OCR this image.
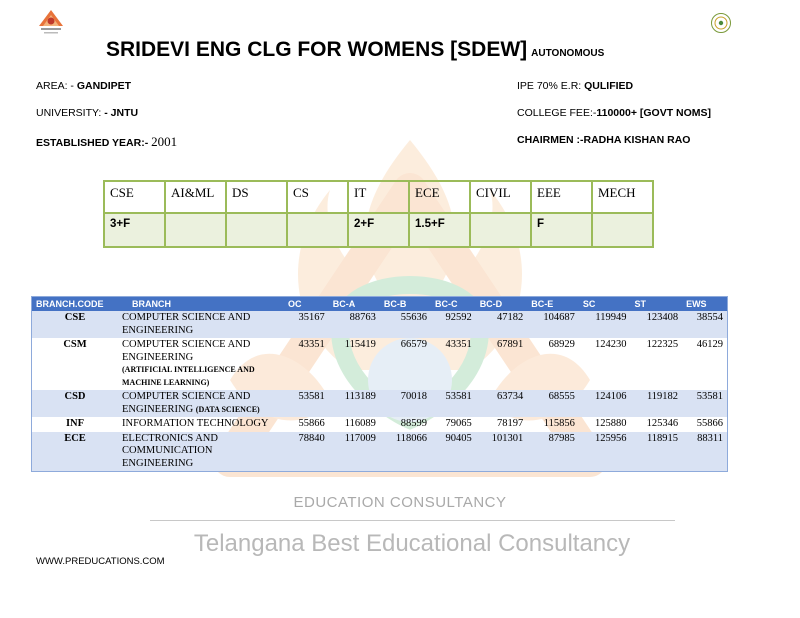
EDUCATION CONSULTANCY
Telangana Best Educational Consultancy
SRIDEVI ENG CLG FOR WOMENS [SDEW] AUTONOMOUS
AREA: - GANDIPET
UNIVERSITY: - JNTU
ESTABLISHED YEAR:- 2001
IPE 70% E.R: QULIFIED
COLLEGE FEE:-110000+ [GOVT NOMS]
CHAIRMEN :-RADHA KISHAN RAO
CSE	AI&ML	DS	CS	IT	ECE	CIVIL	EEE	MECH
3+F				2+F	1.5+F		F	
BRANCH.CODE	BRANCH	OC	BC-A	BC-B	BC-C	BC-D	BC-E	SC	ST	EWS
CSE	COMPUTER SCIENCE AND ENGINEERING	35167	88763	55636	92592	47182	104687	119949	123408	38554
CSM	COMPUTER SCIENCE AND ENGINEERING
(ARTIFICIAL INTELLIGENCE AND MACHINE LEARNING)	43351	115419	66579	43351	67891	68929	124230	122325	46129
CSD	COMPUTER SCIENCE AND ENGINEERING (DATA SCIENCE)	53581	113189	70018	53581	63734	68555	124106	119182	53581
INF	INFORMATION TECHNOLOGY	55866	116089	88599	79065	78197	115856	125880	125346	55866
ECE	ELECTRONICS AND COMMUNICATION ENGINEERING	78840	117009	118066	90405	101301	87985	125956	118915	88311
WWW.PREDUCATIONS.COM
